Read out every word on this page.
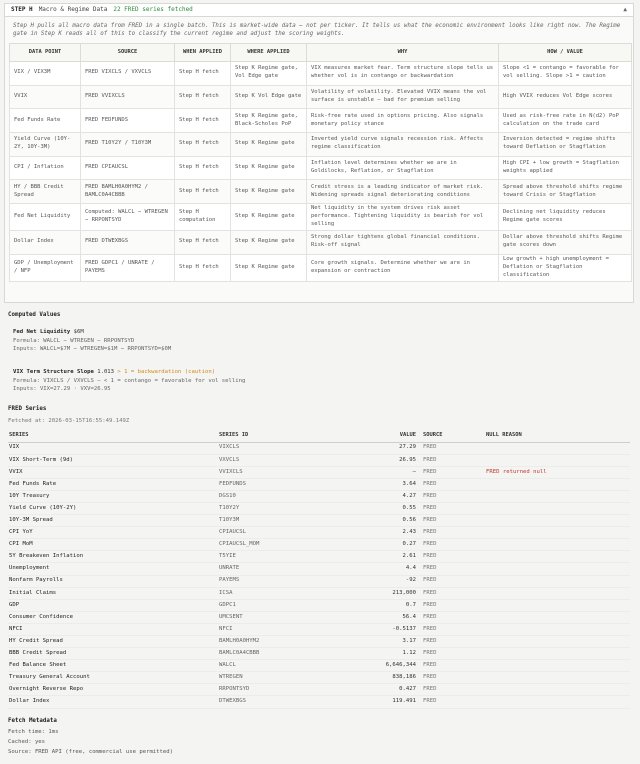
STEP H Macro & Regime Data 22 FRED series fetched	▲
Step H pulls all macro data from FRED in a single batch. This is market-wide data — not per ticker. It tells us what the economic environment looks like right now. The Regime gate in Step K reads all of this to classify the current regime and adjust the scoring weights.
DATA POINT	SOURCE	WHEN APPLIED	WHERE APPLIED	WHY	HOW / VALUE
VIX / VIX3M	FRED VIXCLS / VXVCLS	Step H fetch	Step K Regime gate, Vol Edge gate	VIX measures market fear. Term structure slope tells us whether vol is in contango or backwardation	Slope <1 = contango = favorable for vol selling. Slope >1 = caution
VVIX	FRED VVIXCLS	Step H fetch	Step K Vol Edge gate	Volatility of volatility. Elevated VVIX means the vol surface is unstable — bad for premium selling	High VVIX reduces Vol Edge scores
Fed Funds Rate	FRED FEDFUNDS	Step H fetch	Step K Regime gate, Black-Scholes PoP	Risk-free rate used in options pricing. Also signals monetary policy stance	Used as risk-free rate in N(d2) PoP calculation on the trade card
Yield Curve (10Y-2Y, 10Y-3M)	FRED T10Y2Y / T10Y3M	Step H fetch	Step K Regime gate	Inverted yield curve signals recession risk. Affects regime classification	Inversion detected = regime shifts toward Deflation or Stagflation
CPI / Inflation	FRED CPIAUCSL	Step H fetch	Step K Regime gate	Inflation level determines whether we are in Goldilocks, Reflation, or Stagflation	High CPI + low growth = Stagflation weights applied
HY / BBB Credit Spread	FRED BAMLH0A0HYM2 / BAMLC0A4CBBB	Step H fetch	Step K Regime gate	Credit stress is a leading indicator of market risk. Widening spreads signal deteriorating conditions	Spread above threshold shifts regime toward Crisis or Stagflation
Fed Net Liquidity	Computed: WALCL − WTREGEN − RRPONTSYD	Step H computation	Step K Regime gate	Net liquidity in the system drives risk asset performance. Tightening liquidity is bearish for vol selling	Declining net liquidity reduces Regime gate scores
Dollar Index	FRED DTWEXBGS	Step H fetch	Step K Regime gate	Strong dollar tightens global financial conditions. Risk-off signal	Dollar above threshold shifts Regime gate scores down
GDP / Unemployment / NFP	FRED GDPC1 / UNRATE / PAYEMS	Step H fetch	Step K Regime gate	Core growth signals. Determine whether we are in expansion or contraction	Low growth + high unemployment = Deflation or Stagflation classification
Computed Values
Fed Net Liquidity $6M
Formula: WALCL − WTREGEN − RRPONTSYD
Inputs: WALCL=$7M − WTREGEN=$1M − RRPONTSYD=$0M
VIX Term Structure Slope 1.013 > 1 = backwardation (caution)
Formula: VIXCLS / VXVCLS — < 1 = contango = favorable for vol selling
Inputs: VIX=27.29 · VXV=26.95
FRED Series
Fetched at: 2026-03-15T16:55:49.149Z
SERIES	SERIES ID	VALUE	SOURCE	NULL REASON
VIX	VIXCLS	27.29	FRED	
VIX Short-Term (9d)	VXVCLS	26.95	FRED	
VVIX	VVIXCLS	—	FRED	FRED returned null
Fed Funds Rate	FEDFUNDS	3.64	FRED	
10Y Treasury	DGS10	4.27	FRED	
Yield Curve (10Y-2Y)	T10Y2Y	0.55	FRED	
10Y-3M Spread	T10Y3M	0.56	FRED	
CPI YoY	CPIAUCSL	2.43	FRED	
CPI MoM	CPIAUCSL_MOM	0.27	FRED	
5Y Breakeven Inflation	T5YIE	2.61	FRED	
Unemployment	UNRATE	4.4	FRED	
Nonfarm Payrolls	PAYEMS	-92	FRED	
Initial Claims	ICSA	213,000	FRED	
GDP	GDPC1	0.7	FRED	
Consumer Confidence	UMCSENT	56.4	FRED	
NFCI	NFCI	-0.5137	FRED	
HY Credit Spread	BAMLH0A0HYM2	3.17	FRED	
BBB Credit Spread	BAMLC0A4CBBB	1.12	FRED	
Fed Balance Sheet	WALCL	6,646,344	FRED	
Treasury General Account	WTREGEN	838,186	FRED	
Overnight Reverse Repo	RRPONTSYD	0.427	FRED	
Dollar Index	DTWEXBGS	119.491	FRED	
Fetch Metadata
Fetch time: 1ms
Cached: yes
Source: FRED API (free, commercial use permitted)
